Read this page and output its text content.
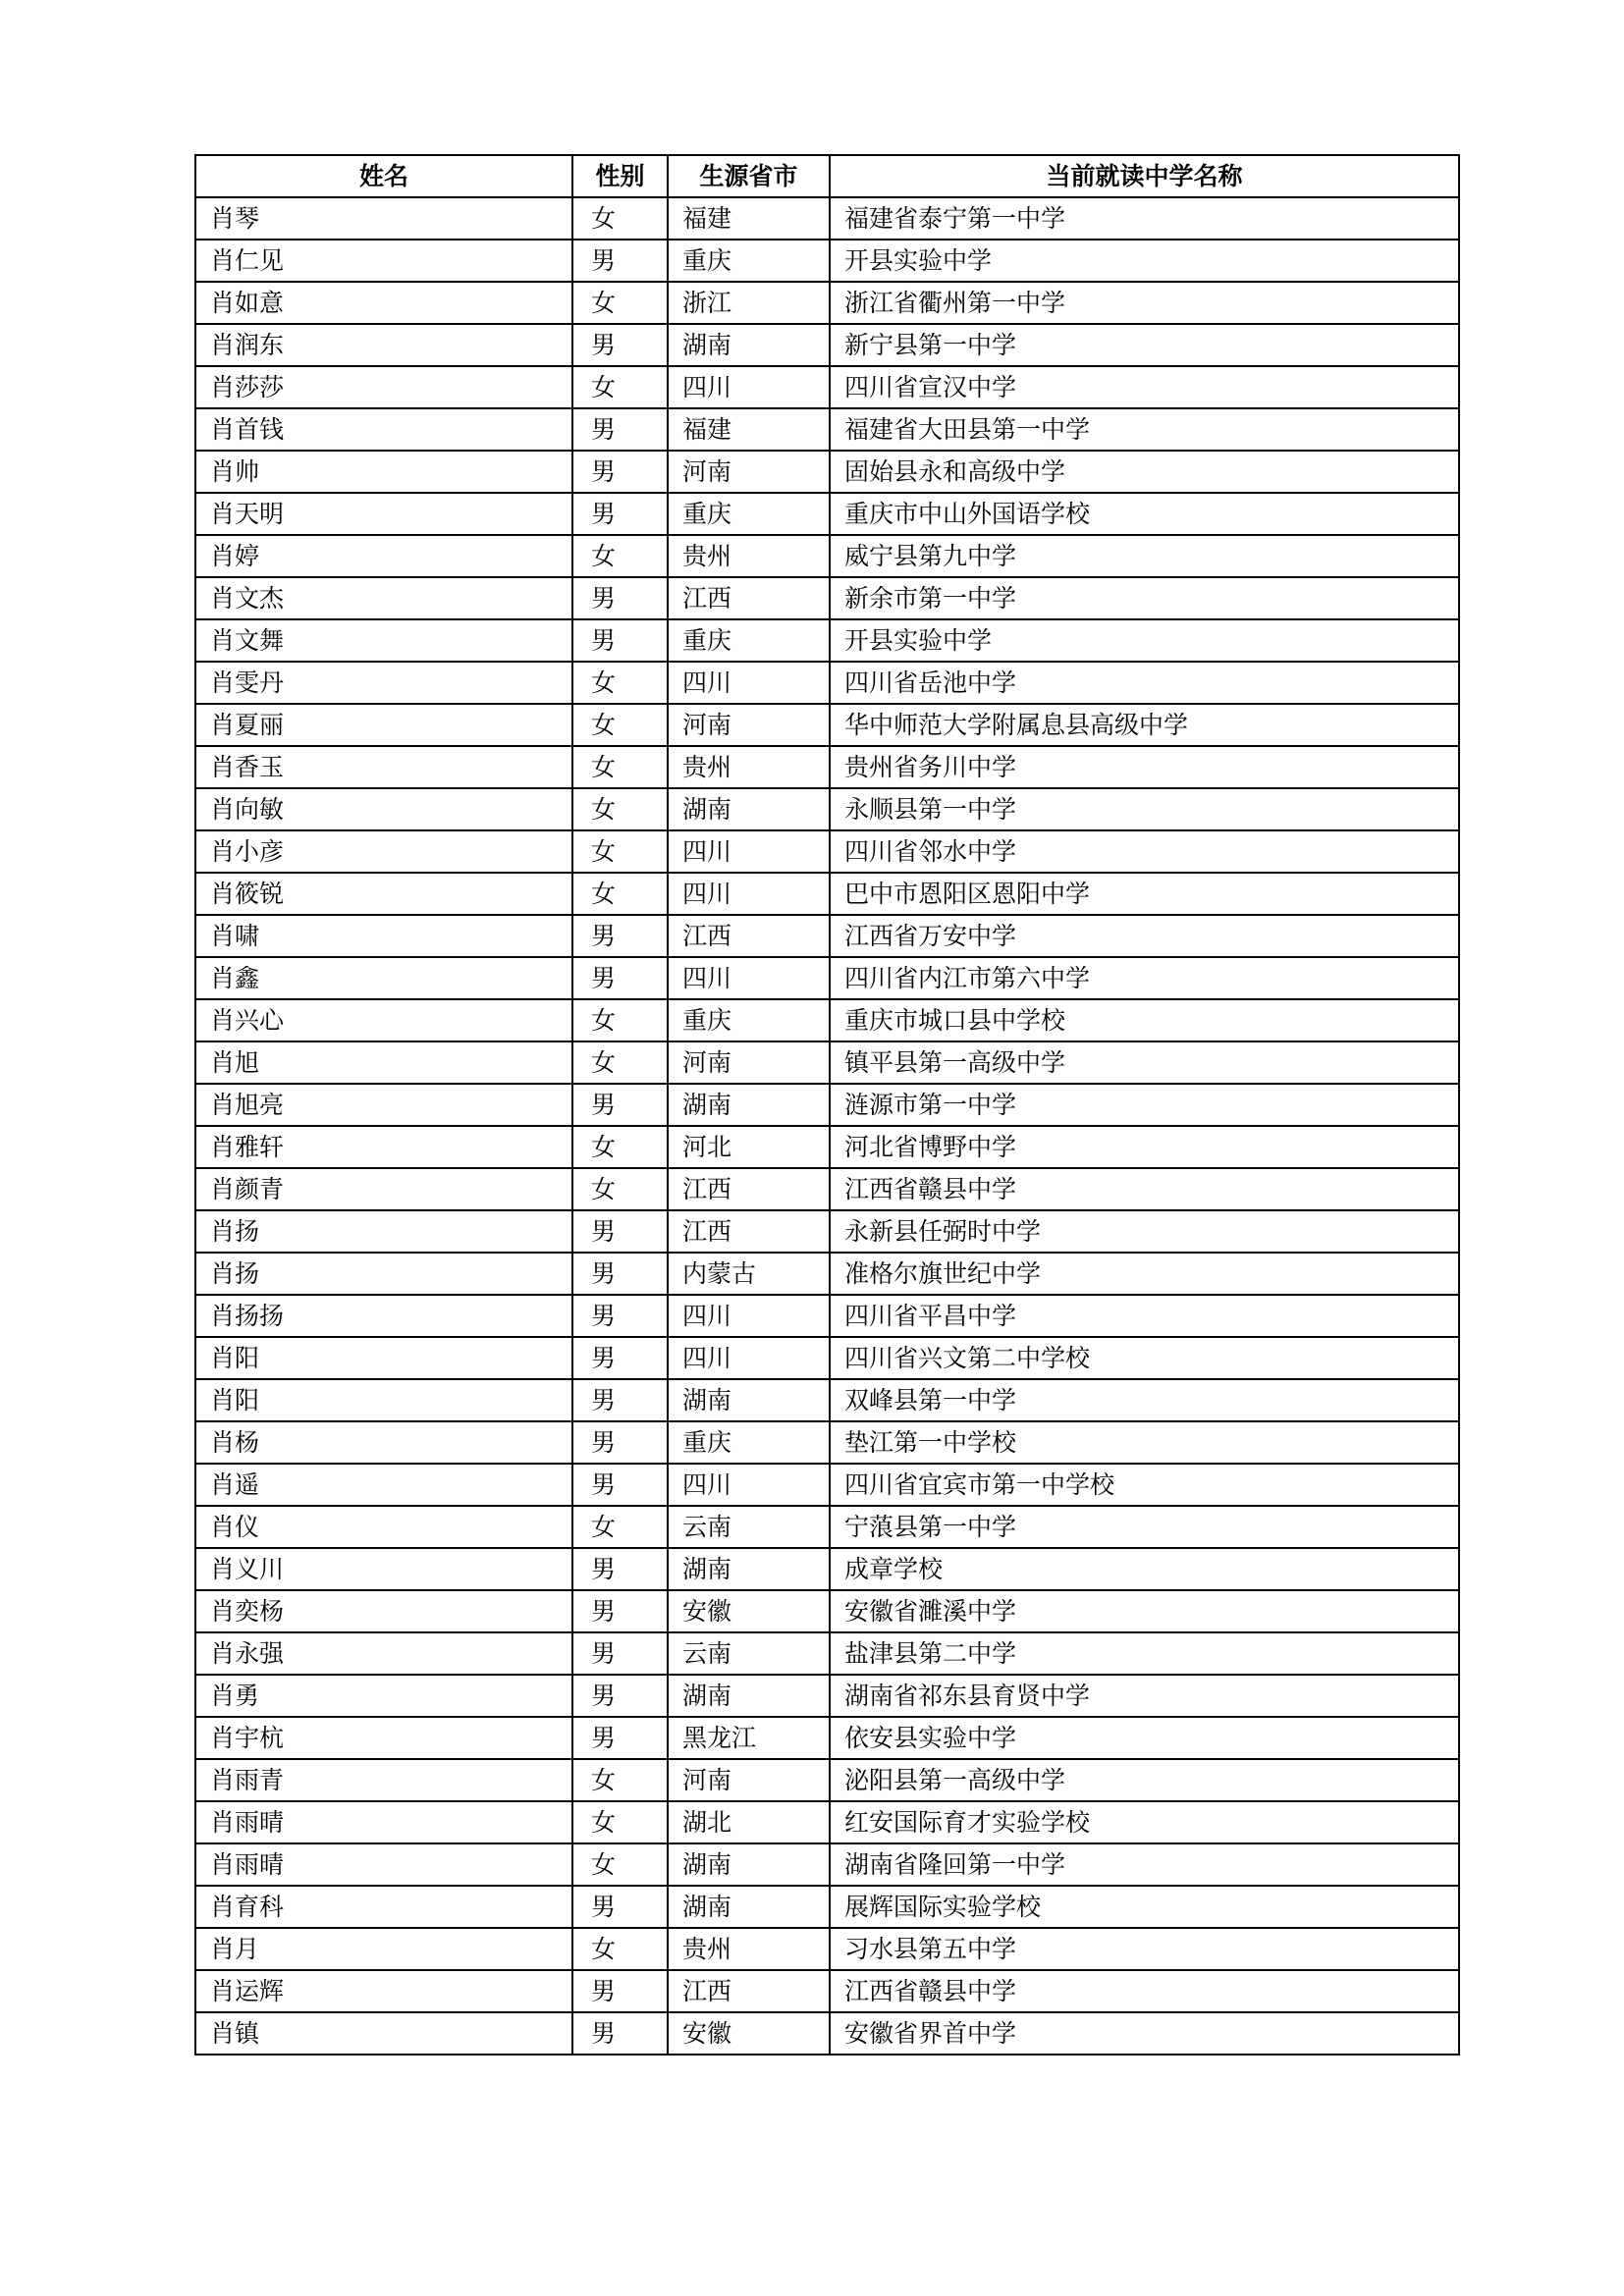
姓名	性别	生源省市	当前就读中学名称
肖琴	女	福建	福建省泰宁第一中学
肖仁见	男	重庆	开县实验中学
肖如意	女	浙江	浙江省衢州第一中学
肖润东	男	湖南	新宁县第一中学
肖莎莎	女	四川	四川省宣汉中学
肖首钱	男	福建	福建省大田县第一中学
肖帅	男	河南	固始县永和高级中学
肖天明	男	重庆	重庆市中山外国语学校
肖婷	女	贵州	威宁县第九中学
肖文杰	男	江西	新余市第一中学
肖文舞	男	重庆	开县实验中学
肖雯丹	女	四川	四川省岳池中学
肖夏丽	女	河南	华中师范大学附属息县高级中学
肖香玉	女	贵州	贵州省务川中学
肖向敏	女	湖南	永顺县第一中学
肖小彦	女	四川	四川省邻水中学
肖筱锐	女	四川	巴中市恩阳区恩阳中学
肖啸	男	江西	江西省万安中学
肖鑫	男	四川	四川省内江市第六中学
肖兴心	女	重庆	重庆市城口县中学校
肖旭	女	河南	镇平县第一高级中学
肖旭亮	男	湖南	涟源市第一中学
肖雅轩	女	河北	河北省博野中学
肖颜青	女	江西	江西省赣县中学
肖扬	男	江西	永新县任弼时中学
肖扬	男	内蒙古	准格尔旗世纪中学
肖扬扬	男	四川	四川省平昌中学
肖阳	男	四川	四川省兴文第二中学校
肖阳	男	湖南	双峰县第一中学
肖杨	男	重庆	垫江第一中学校
肖遥	男	四川	四川省宜宾市第一中学校
肖仪	女	云南	宁蒗县第一中学
肖义川	男	湖南	成章学校
肖奕杨	男	安徽	安徽省濉溪中学
肖永强	男	云南	盐津县第二中学
肖勇	男	湖南	湖南省祁东县育贤中学
肖宇杭	男	黑龙江	依安县实验中学
肖雨青	女	河南	泌阳县第一高级中学
肖雨晴	女	湖北	红安国际育才实验学校
肖雨晴	女	湖南	湖南省隆回第一中学
肖育科	男	湖南	展辉国际实验学校
肖月	女	贵州	习水县第五中学
肖运辉	男	江西	江西省赣县中学
肖镇	男	安徽	安徽省界首中学
